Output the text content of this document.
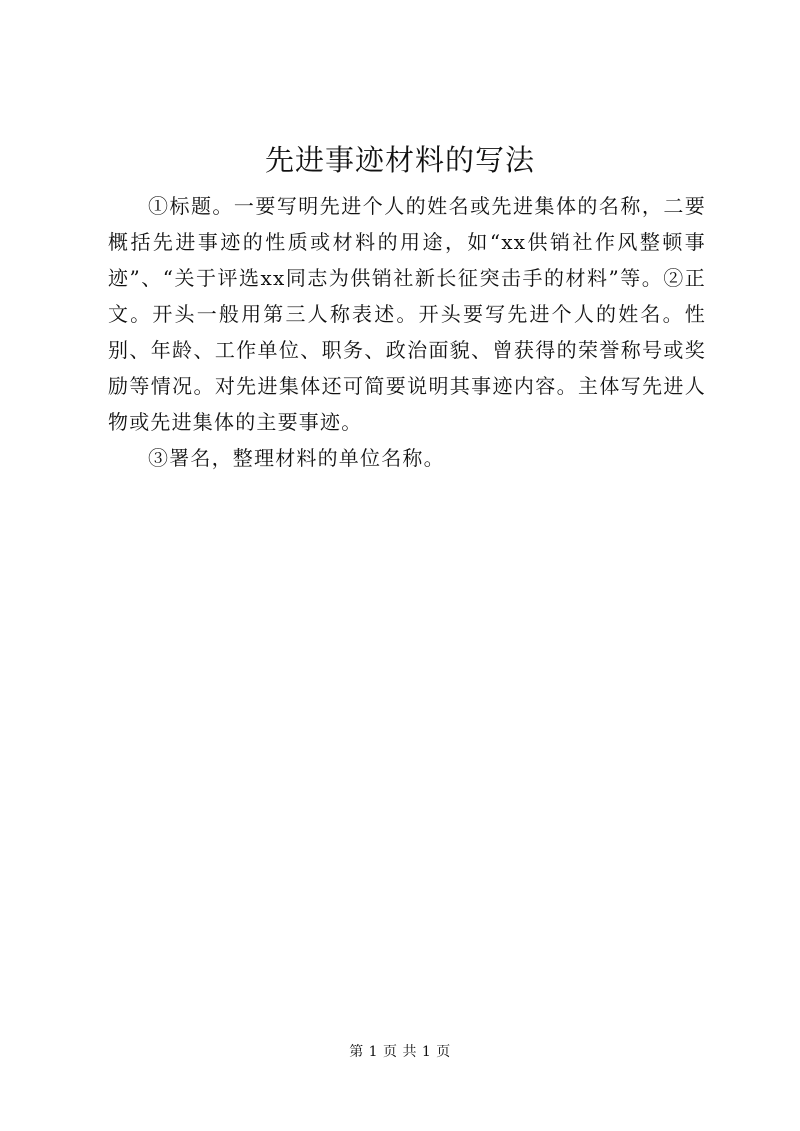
先进事迹材料的写法

①标题。一要写明先进个人的姓名或先进集体的名称，二要概括先进事迹的性质或材料的用途，如“xx供销社作风整顿事迹”、“关于评选xx同志为供销社新长征突击手的材料”等。②正文。开头一般用第三人称表述。开头要写先进个人的姓名。性别、年龄、工作单位、职务、政治面貌、曾获得的荣誉称号或奖励等情况。对先进集体还可简要说明其事迹内容。主体写先进人物或先进集体的主要事迹。

③署名，整理材料的单位名称。

第 1 页 共 1 页
